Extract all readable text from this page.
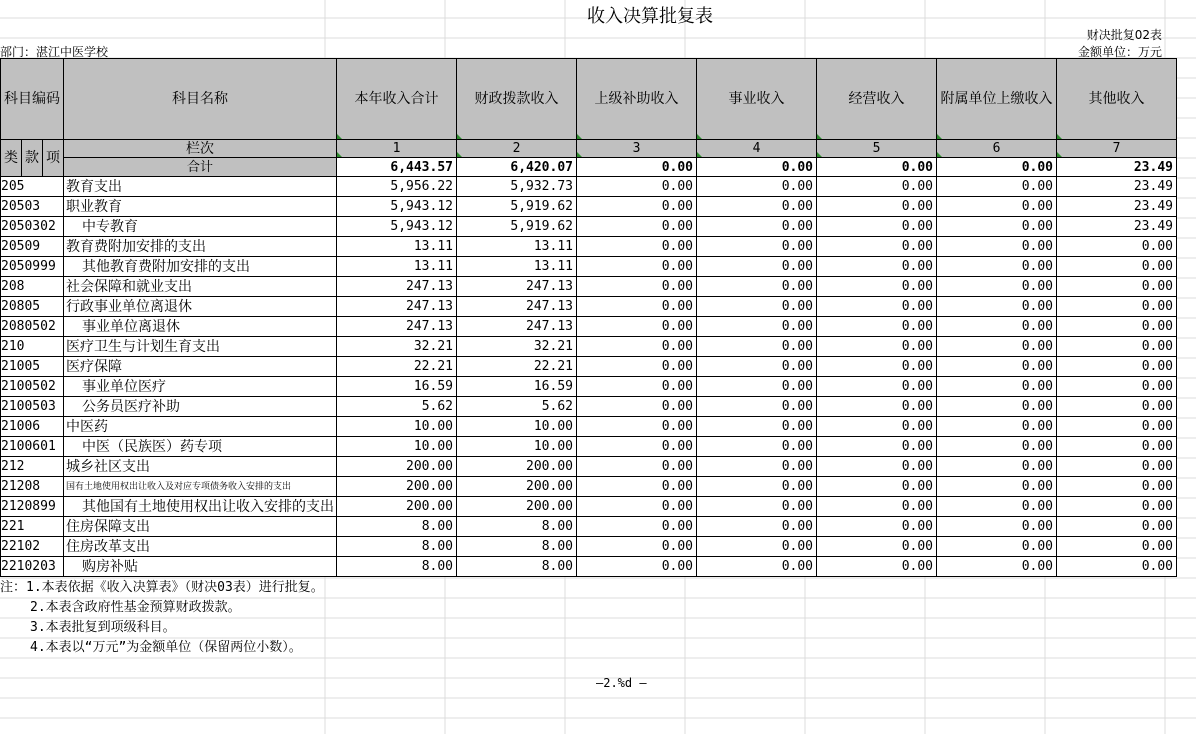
收入决算批复表
财决批复02表
部门：湛江中医学校	金额单位：万元
科目编码			科目名称	本年收入合计	财政拨款收入	上级补助收入	事业收入	经营收入	附属单位上缴收入	其他收入
类	款	项	栏次	1	2	3	4	5	6	7
			合计	6,443.57	6,420.07	0.00	0.00	0.00	0.00	23.49
205			教育支出	5,956.22	5,932.73	0.00	0.00	0.00	0.00	23.49
20503			职业教育	5,943.12	5,919.62	0.00	0.00	0.00	0.00	23.49
2050302			中专教育	5,943.12	5,919.62	0.00	0.00	0.00	0.00	23.49
20509			教育费附加安排的支出	13.11	13.11	0.00	0.00	0.00	0.00	0.00
2050999			其他教育费附加安排的支出	13.11	13.11	0.00	0.00	0.00	0.00	0.00
208			社会保障和就业支出	247.13	247.13	0.00	0.00	0.00	0.00	0.00
20805			行政事业单位离退休	247.13	247.13	0.00	0.00	0.00	0.00	0.00
2080502			事业单位离退休	247.13	247.13	0.00	0.00	0.00	0.00	0.00
210			医疗卫生与计划生育支出	32.21	32.21	0.00	0.00	0.00	0.00	0.00
21005			医疗保障	22.21	22.21	0.00	0.00	0.00	0.00	0.00
2100502			事业单位医疗	16.59	16.59	0.00	0.00	0.00	0.00	0.00
2100503			公务员医疗补助	5.62	5.62	0.00	0.00	0.00	0.00	0.00
21006			中医药	10.00	10.00	0.00	0.00	0.00	0.00	0.00
2100601			中医（民族医）药专项	10.00	10.00	0.00	0.00	0.00	0.00	0.00
212			城乡社区支出	200.00	200.00	0.00	0.00	0.00	0.00	0.00
21208			国有土地使用权出让收入及对应专项债务收入安排的支出	200.00	200.00	0.00	0.00	0.00	0.00	0.00
2120899			其他国有土地使用权出让收入安排的支出	200.00	200.00	0.00	0.00	0.00	0.00	0.00
221			住房保障支出	8.00	8.00	0.00	0.00	0.00	0.00	0.00
22102			住房改革支出	8.00	8.00	0.00	0.00	0.00	0.00	0.00
2210203			购房补贴	8.00	8.00	0.00	0.00	0.00	0.00	0.00
注：1.本表依据《收入决算表》（财决03表）进行批复。
2.本表含政府性基金预算财政拨款。
3.本表批复到项级科目。
4.本表以“万元”为金额单位（保留两位小数）。
—2.%d —
